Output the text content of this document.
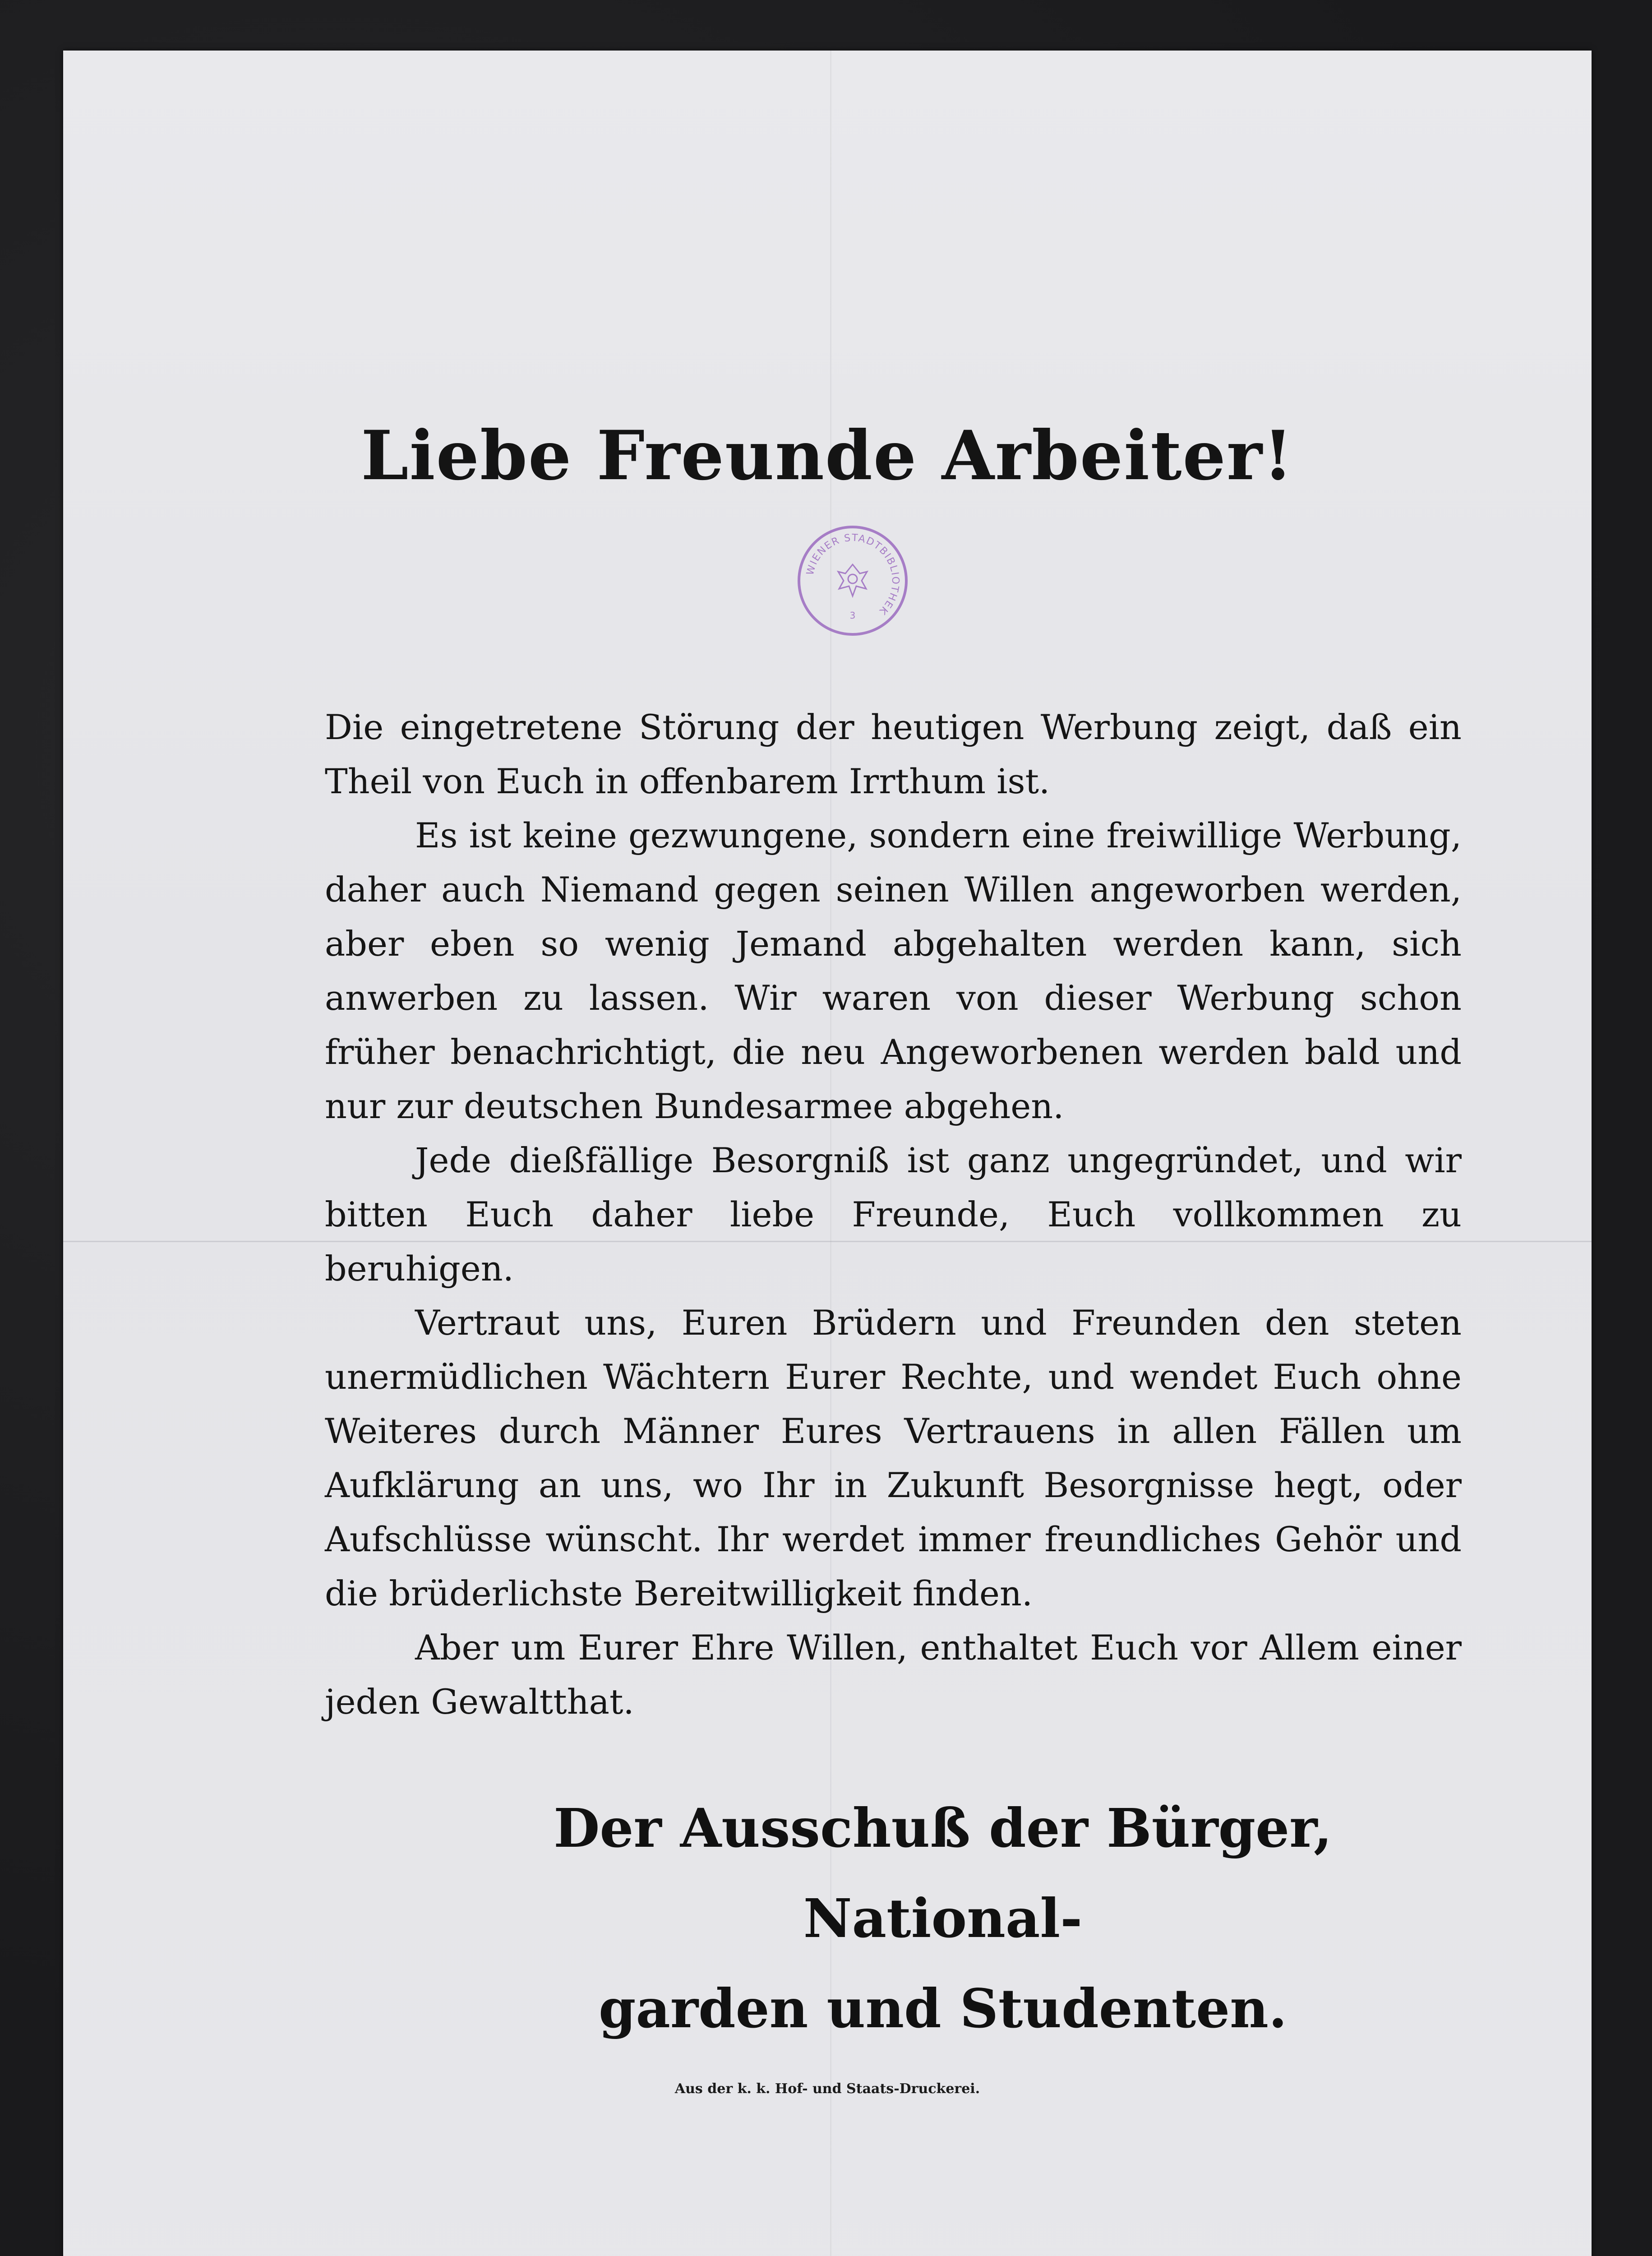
Liebe Freunde Arbeiter!
WIENER STADTBIBLIOTHEK
3

Die eingetretene Störung der heutigen Werbung zeigt, daß ein Theil von Euch in offenbarem Irrthum ist.

Es ist keine gezwungene, sondern eine freiwillige Werbung, daher auch Niemand gegen seinen Willen angeworben werden, aber eben so wenig Jemand abgehalten werden kann, sich anwerben zu lassen. Wir waren von dieser Werbung schon früher benachrichtigt, die neu Angeworbenen werden bald und nur zur deutschen Bundesarmee abgehen.

Jede dießfällige Besorgniß ist ganz ungegründet, und wir bitten Euch daher liebe Freunde, Euch vollkommen zu beruhigen.

Vertraut uns, Euren Brüdern und Freunden den steten unermüdlichen Wächtern Eurer Rechte, und wendet Euch ohne Weiteres durch Männer Eures Vertrauens in allen Fällen um Aufklärung an uns, wo Ihr in Zukunft Besorgnisse hegt, oder Aufschlüsse wünscht. Ihr werdet immer freundliches Gehör und die brüderlichste Bereitwilligkeit finden.

Aber um Eurer Ehre Willen, enthaltet Euch vor Allem einer jeden Gewaltthat.

Der Ausschuß der Bürger, National-
garden und Studenten.
Aus der k. k. Hof- und Staats-Druckerei.
